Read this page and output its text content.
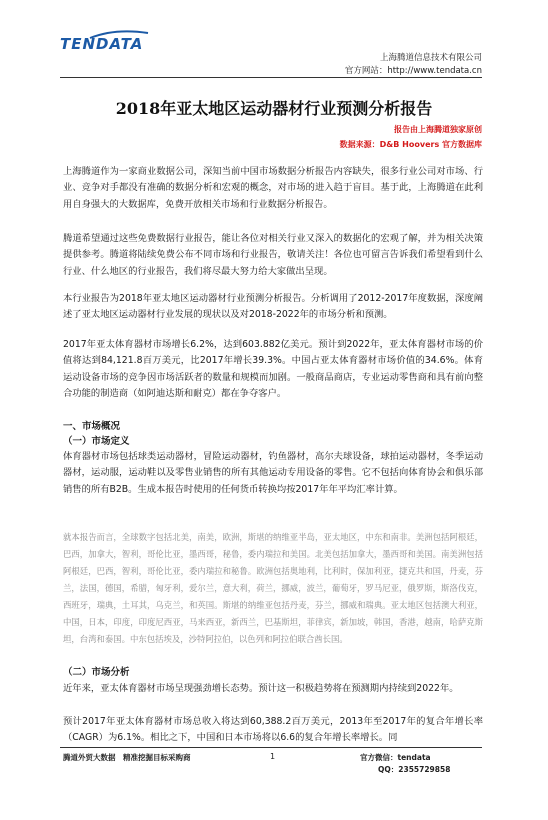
TENDATA
上海腾道信息技术有限公司
官方网站：http://www.tendata.cn
2018年亚太地区运动器材行业预测分析报告
报告由上海腾道独家原创
数据来源：D&B Hoovers 官方数据库

上海腾道作为一家商业数据公司，深知当前中国市场数据分析报告内容缺失，很多行业公司对市场、行业、竞争对手都没有准确的数据分析和宏观的概念，对市场的进入趋于盲目。基于此，上海腾道在此利用自身强大的大数据库，免费开放相关市场和行业数据分析报告。

腾道希望通过这些免费数据行业报告，能让各位对相关行业又深入的数据化的宏观了解，并为相关决策提供参考。腾道将陆续免费公布不同市场和行业报告，敬请关注！各位也可留言告诉我们希望看到什么行业、什么地区的行业报告，我们将尽最大努力给大家做出呈现。

本行业报告为2018年亚太地区运动器材行业预测分析报告。分析调用了2012-2017年度数据，深度阐述了亚太地区运动器材行业发展的现状以及对2018-2022年的市场分析和预测。

2017年亚太体育器材市场增长6.2%，达到603.882亿美元。预计到2022年，亚太体育器材市场的价值将达到84,121.8百万美元，比2017年增长39.3%。中国占亚太体育器材市场价值的34.6%。体育运动设备市场的竞争因市场活跃者的数量和规模而加剧。一般商品商店，专业运动零售商和具有前向整合功能的制造商（如阿迪达斯和耐克）都在争夺客户。

一、市场概况
（一）市场定义

体育器材市场包括球类运动器材，冒险运动器材，钓鱼器材，高尔夫球设备，球拍运动器材，冬季运动器材，运动服，运动鞋以及零售业销售的所有其他运动专用设备的零售。它不包括向体育协会和俱乐部销售的所有B2B。生成本报告时使用的任何货币转换均按2017年年平均汇率计算。

就本报告而言，全球数字包括北美，南美，欧洲，斯堪的纳维亚半岛，亚太地区，中东和南非。美洲包括阿根廷，巴西，加拿大，智利，哥伦比亚，墨西哥，秘鲁，委内瑞拉和美国。北美包括加拿大，墨西哥和美国。南美洲包括阿根廷，巴西，智利，哥伦比亚，委内瑞拉和秘鲁。欧洲包括奥地利，比利时，保加利亚，捷克共和国，丹麦，芬兰，法国，德国，希腊，匈牙利，爱尔兰，意大利，荷兰，挪威，波兰，葡萄牙，罗马尼亚，俄罗斯，斯洛伐克，西班牙，瑞典，土耳其，乌克兰，和英国。斯堪的纳维亚包括丹麦，芬兰，挪威和瑞典。亚太地区包括澳大利亚，中国，日本，印度，印度尼西亚，马来西亚，新西兰，巴基斯坦，菲律宾，新加坡，韩国，香港，越南，哈萨克斯坦，台湾和泰国。中东包括埃及，沙特阿拉伯，以色列和阿拉伯联合酋长国。

（二）市场分析

近年来，亚太体育器材市场呈现强劲增长态势。预计这一积极趋势将在预测期内持续到2022年。

预计2017年亚太体育器材市场总收入将达到60,388.2百万美元，2013年至2017年的复合年增长率（CAGR）为6.1%。相比之下，中国和日本市场将以6.6的复合年增长率增长。同

腾道外贸大数据　精准挖掘目标采购商	1	官方微信：tendata
QQ：2355729858
